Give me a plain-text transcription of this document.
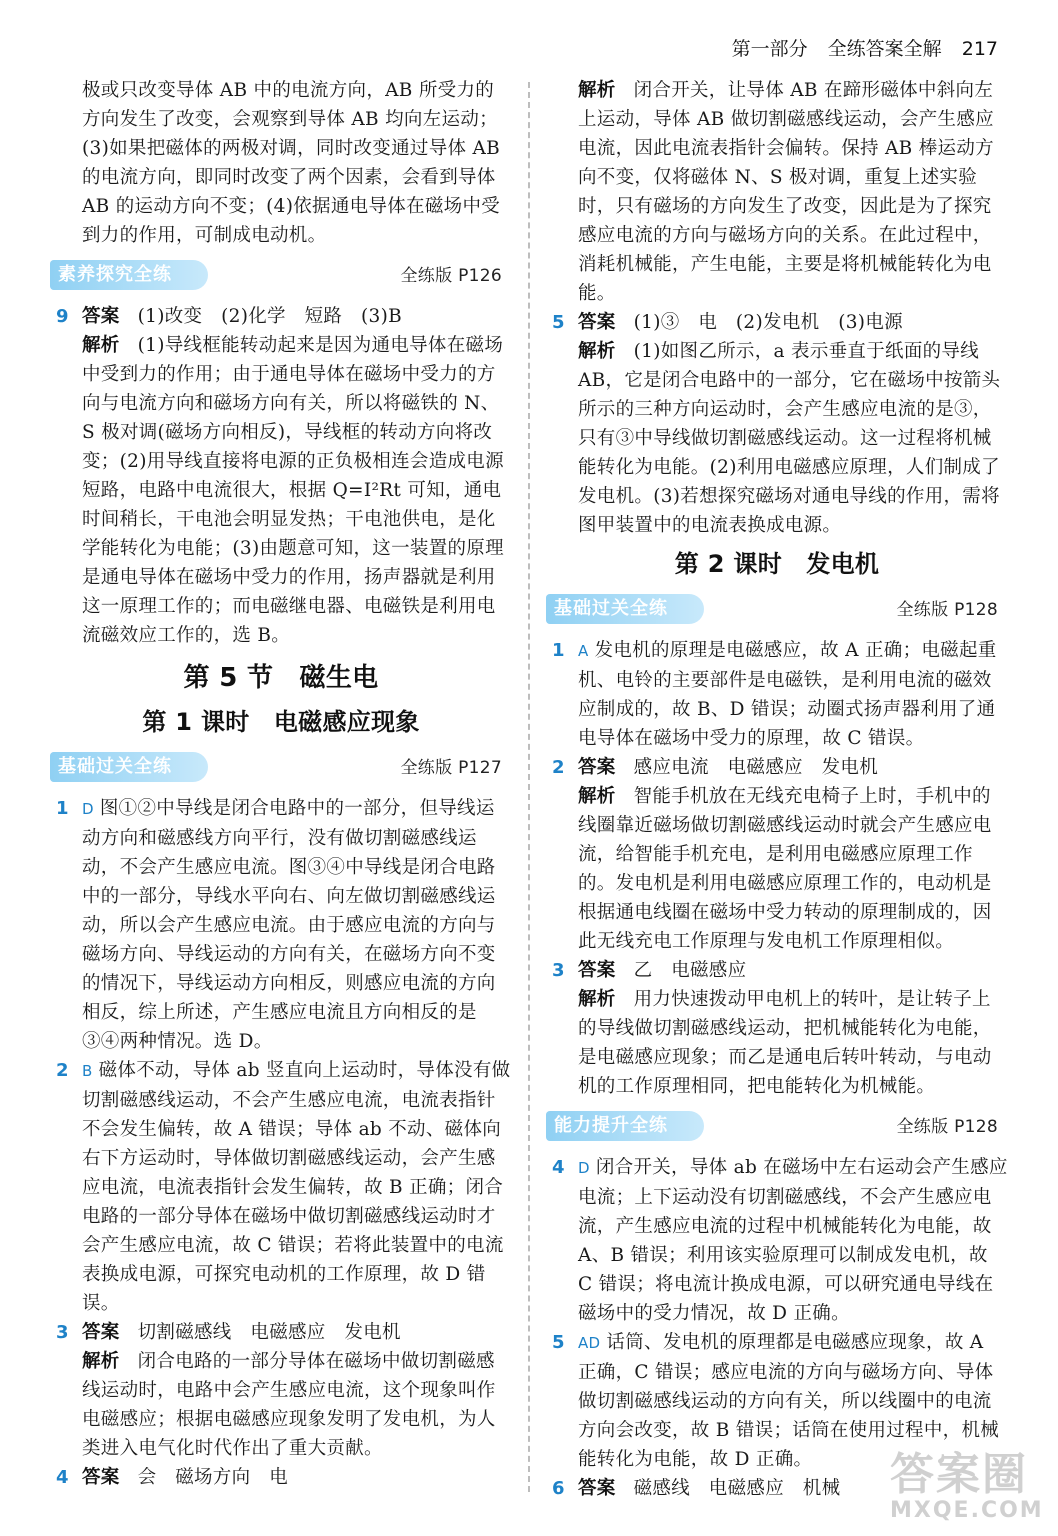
第一部分 全练答案全解 217

极或只改变导体 AB 中的电流方向，AB 所受力的方向发生了改变，会观察到导体 AB 均向左运动；(3)如果把磁体的两极对调，同时改变通过导体 AB 的电流方向，即同时改变了两个因素，会看到导体 AB 的运动方向不变；(4)依据通电导体在磁场中受到力的作用，可制成电动机。

素养探究全练	全练版 P126
9 答案 (1)改变　(2)化学　短路　(3)B

解析 (1)导线框能转动起来是因为通电导体在磁场中受到力的作用；由于通电导体在磁场中受力的方向与电流方向和磁场方向有关，所以将磁铁的 N、S 极对调(磁场方向相反)，导线框的转动方向将改变；(2)用导线直接将电源的正负极相连会造成电源短路，电路中电流很大，根据 Q=I²Rt 可知，通电时间稍长，干电池会明显发热；干电池供电，是化学能转化为电能；(3)由题意可知，这一装置的原理是通电导体在磁场中受力的作用，扬声器就是利用这一原理工作的；而电磁继电器、电磁铁是利用电流磁效应工作的，选 B。

第 5 节　磁生电
第 1 课时　电磁感应现象
基础过关全练	全练版 P127
1 D 图①②中导线是闭合电路中的一部分，但导线运动方向和磁感线方向平行，没有做切割磁感线运动，不会产生感应电流。图③④中导线是闭合电路中的一部分，导线水平向右、向左做切割磁感线运动，所以会产生感应电流。由于感应电流的方向与磁场方向、导线运动的方向有关，在磁场方向不变的情况下，导线运动方向相反，则感应电流的方向相反，综上所述，产生感应电流且方向相反的是③④两种情况。选 D。

2 B 磁体不动，导体 ab 竖直向上运动时，导体没有做切割磁感线运动，不会产生感应电流，电流表指针不会发生偏转，故 A 错误；导体 ab 不动、磁体向右下方运动时，导体做切割磁感线运动，会产生感应电流，电流表指针会发生偏转，故 B 正确；闭合电路的一部分导体在磁场中做切割磁感线运动时才会产生感应电流，故 C 错误；若将此装置中的电流表换成电源，可探究电动机的工作原理，故 D 错误。

3 答案 切割磁感线　电磁感应　发电机

解析 闭合电路的一部分导体在磁场中做切割磁感线运动时，电路中会产生感应电流，这个现象叫作电磁感应；根据电磁感应现象发明了发电机，为人类进入电气化时代作出了重大贡献。

4 答案 会　磁场方向　电

解析 闭合开关，让导体 AB 在蹄形磁体中斜向左上运动，导体 AB 做切割磁感线运动，会产生感应电流，因此电流表指针会偏转。保持 AB 棒运动方向不变，仅将磁体 N、S 极对调，重复上述实验时，只有磁场的方向发生了改变，因此是为了探究感应电流的方向与磁场方向的关系。在此过程中，消耗机械能，产生电能，主要是将机械能转化为电能。

5 答案 (1)③　电　(2)发电机　(3)电源

解析 (1)如图乙所示，a 表示垂直于纸面的导线 AB，它是闭合电路中的一部分，它在磁场中按箭头所示的三种方向运动时，会产生感应电流的是③，只有③中导线做切割磁感线运动。这一过程将机械能转化为电能。(2)利用电磁感应原理，人们制成了发电机。(3)若想探究磁场对通电导线的作用，需将图甲装置中的电流表换成电源。

第 2 课时　发电机
基础过关全练	全练版 P128
1 A 发电机的原理是电磁感应，故 A 正确；电磁起重机、电铃的主要部件是电磁铁，是利用电流的磁效应制成的，故 B、D 错误；动圈式扬声器利用了通电导体在磁场中受力的原理，故 C 错误。

2 答案 感应电流　电磁感应　发电机

解析 智能手机放在无线充电椅子上时，手机中的线圈靠近磁场做切割磁感线运动时就会产生感应电流，给智能手机充电，是利用电磁感应原理工作的。发电机是利用电磁感应原理工作的，电动机是根据通电线圈在磁场中受力转动的原理制成的，因此无线充电工作原理与发电机工作原理相似。

3 答案 乙　电磁感应

解析 用力快速拨动甲电机上的转叶，是让转子上的导线做切割磁感线运动，把机械能转化为电能，是电磁感应现象；而乙是通电后转叶转动，与电动机的工作原理相同，把电能转化为机械能。

能力提升全练	全练版 P128
4 D 闭合开关，导体 ab 在磁场中左右运动会产生感应电流；上下运动没有切割磁感线，不会产生感应电流，产生感应电流的过程中机械能转化为电能，故 A、B 错误；利用该实验原理可以制成发电机，故 C 错误；将电流计换成电源，可以研究通电导线在磁场中的受力情况，故 D 正确。

5 AD 话筒、发电机的原理都是电磁感应现象，故 A 正确，C 错误；感应电流的方向与磁场方向、导体做切割磁感线运动的方向有关，所以线圈中的电流方向会改变，故 B 错误；话筒在使用过程中，机械能转化为电能，故 D 正确。

6 答案 磁感线　电磁感应　机械	答案圈
MXQE.COM
